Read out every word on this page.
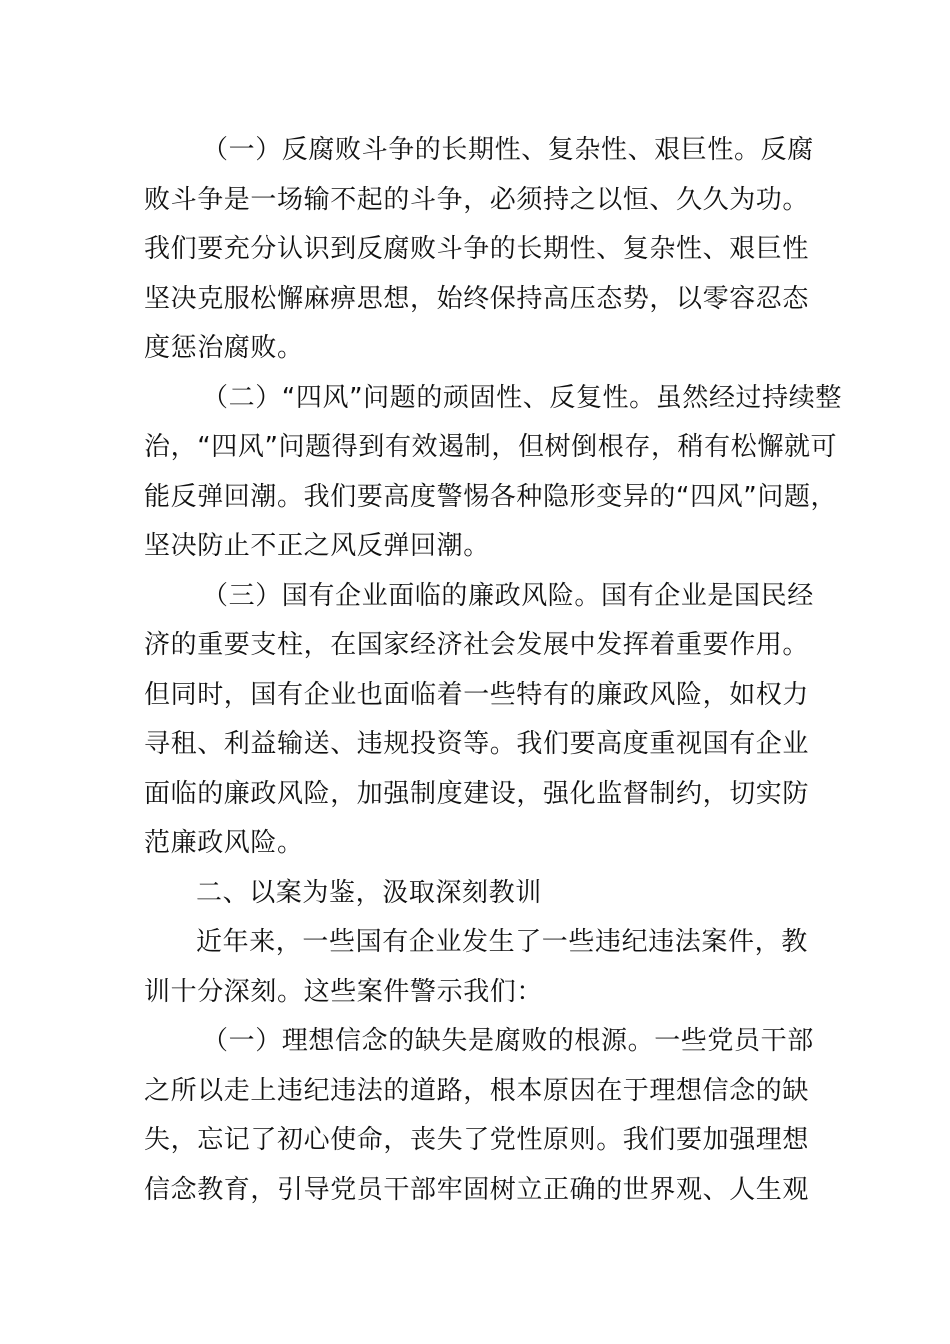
（一）反腐败斗争的长期性、复杂性、艰巨性。反腐
败斗争是一场输不起的斗争，必须持之以恒、久久为功。
我们要充分认识到反腐败斗争的长期性、复杂性、艰巨性
坚决克服松懈麻痹思想，始终保持高压态势，以零容忍态
度惩治腐败。
（二）“四风”问题的顽固性、反复性。虽然经过持续整
治，“四风”问题得到有效遏制，但树倒根存，稍有松懈就可
能反弹回潮。我们要高度警惕各种隐形变异的“四风”问题，
坚决防止不正之风反弹回潮。
（三）国有企业面临的廉政风险。国有企业是国民经
济的重要支柱，在国家经济社会发展中发挥着重要作用。
但同时，国有企业也面临着一些特有的廉政风险，如权力
寻租、利益输送、违规投资等。我们要高度重视国有企业
面临的廉政风险，加强制度建设，强化监督制约，切实防
范廉政风险。
二、以案为鉴，汲取深刻教训
近年来，一些国有企业发生了一些违纪违法案件，教
训十分深刻。这些案件警示我们：
（一）理想信念的缺失是腐败的根源。一些党员干部
之所以走上违纪违法的道路，根本原因在于理想信念的缺
失，忘记了初心使命，丧失了党性原则。我们要加强理想
信念教育，引导党员干部牢固树立正确的世界观、人生观
